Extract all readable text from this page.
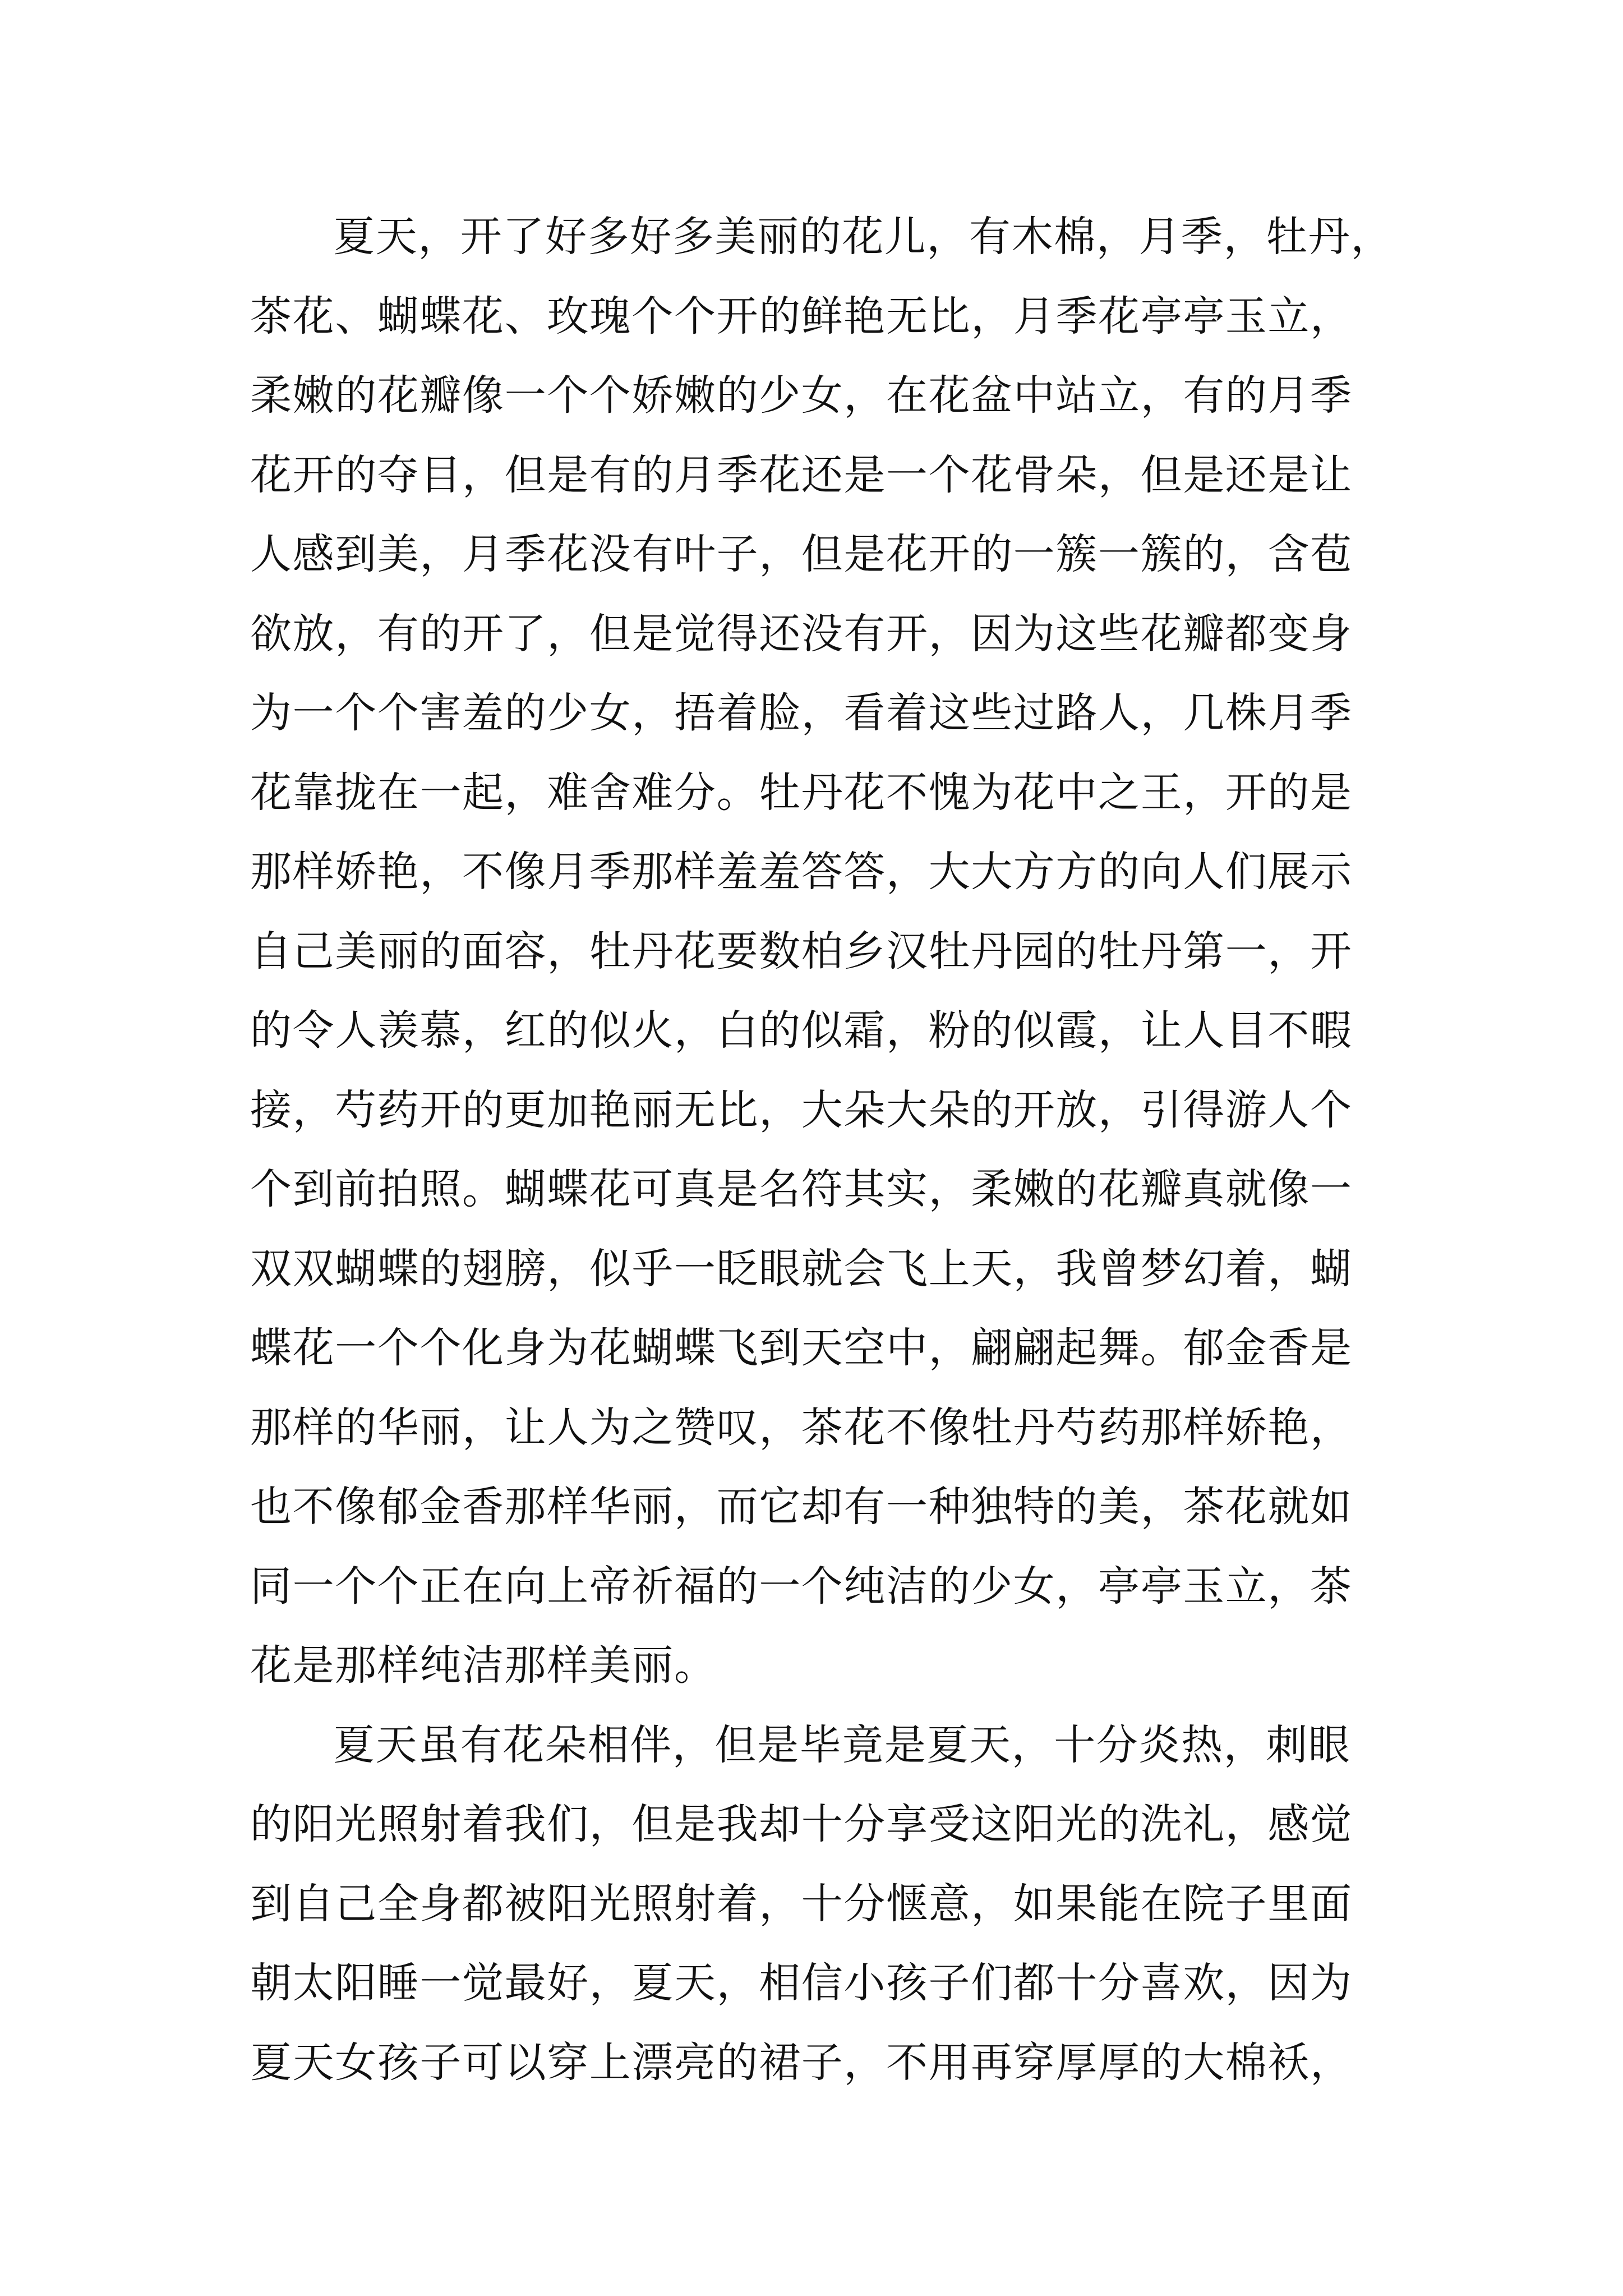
夏天，开了好多好多美丽的花儿，有木棉，月季，牡丹，
茶花、蝴蝶花、玫瑰个个开的鲜艳无比，月季花亭亭玉立，
柔嫩的花瓣像一个个娇嫩的少女，在花盆中站立，有的月季
花开的夺目，但是有的月季花还是一个花骨朵，但是还是让
人感到美，月季花没有叶子，但是花开的一簇一簇的，含苞
欲放，有的开了，但是觉得还没有开，因为这些花瓣都变身
为一个个害羞的少女，捂着脸，看着这些过路人，几株月季
花靠拢在一起，难舍难分。牡丹花不愧为花中之王，开的是
那样娇艳，不像月季那样羞羞答答，大大方方的向人们展示
自己美丽的面容，牡丹花要数柏乡汉牡丹园的牡丹第一，开
的令人羡慕，红的似火，白的似霜，粉的似霞，让人目不暇
接，芍药开的更加艳丽无比，大朵大朵的开放，引得游人个
个到前拍照。蝴蝶花可真是名符其实，柔嫩的花瓣真就像一
双双蝴蝶的翅膀，似乎一眨眼就会飞上天，我曾梦幻着，蝴
蝶花一个个化身为花蝴蝶飞到天空中，翩翩起舞。郁金香是
那样的华丽，让人为之赞叹，茶花不像牡丹芍药那样娇艳，
也不像郁金香那样华丽，而它却有一种独特的美，茶花就如
同一个个正在向上帝祈福的一个纯洁的少女，亭亭玉立，茶
花是那样纯洁那样美丽。
夏天虽有花朵相伴，但是毕竟是夏天，十分炎热，刺眼
的阳光照射着我们，但是我却十分享受这阳光的洗礼，感觉
到自己全身都被阳光照射着，十分惬意，如果能在院子里面
朝太阳睡一觉最好，夏天，相信小孩子们都十分喜欢，因为
夏天女孩子可以穿上漂亮的裙子，不用再穿厚厚的大棉袄，
